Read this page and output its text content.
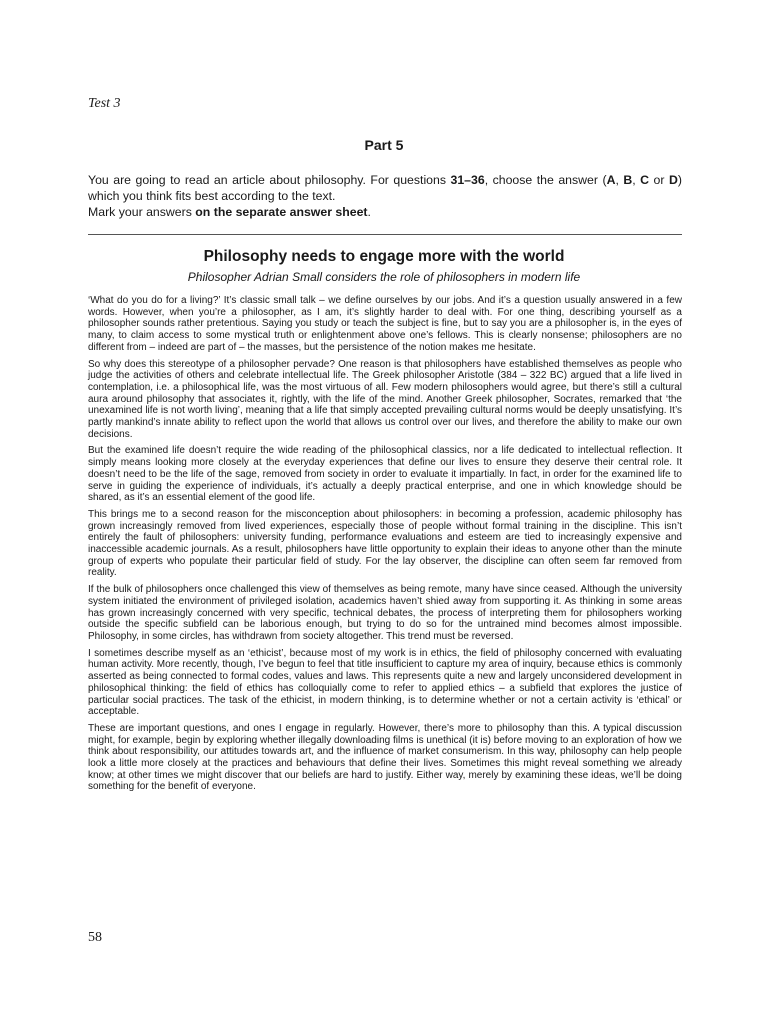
Test 3
Part 5

You are going to read an article about philosophy. For questions 31–36, choose the answer (A, B, C or D) which you think fits best according to the text.

Mark your answers on the separate answer sheet.

Philosophy needs to engage more with the world
Philosopher Adrian Small considers the role of philosophers in modern life

‘What do you do for a living?’ It’s classic small talk – we define ourselves by our jobs. And it’s a question usually answered in a few words. However, when you’re a philosopher, as I am, it’s slightly harder to deal with. For one thing, describing yourself as a philosopher sounds rather pretentious. Saying you study or teach the subject is fine, but to say you are a philosopher is, in the eyes of many, to claim access to some mystical truth or enlightenment above one’s fellows. This is clearly nonsense; philosophers are no different from – indeed are part of – the masses, but the persistence of the notion makes me hesitate.

So why does this stereotype of a philosopher pervade? One reason is that philosophers have established themselves as people who judge the activities of others and celebrate intellectual life. The Greek philosopher Aristotle (384 – 322 BC) argued that a life lived in contemplation, i.e. a philosophical life, was the most virtuous of all. Few modern philosophers would agree, but there’s still a cultural aura around philosophy that associates it, rightly, with the life of the mind. Another Greek philosopher, Socrates, remarked that ‘the unexamined life is not worth living’, meaning that a life that simply accepted prevailing cultural norms would be deeply unsatisfying. It’s partly mankind’s innate ability to reflect upon the world that allows us control over our lives, and therefore the ability to make our own decisions.

But the examined life doesn’t require the wide reading of the philosophical classics, nor a life dedicated to intellectual reflection. It simply means looking more closely at the everyday experiences that define our lives to ensure they deserve their central role. It doesn’t need to be the life of the sage, removed from society in order to evaluate it impartially. In fact, in order for the examined life to serve in guiding the experience of individuals, it’s actually a deeply practical enterprise, and one in which knowledge should be shared, as it’s an essential element of the good life.

This brings me to a second reason for the misconception about philosophers: in becoming a profession, academic philosophy has grown increasingly removed from lived experiences, especially those of people without formal training in the discipline. This isn’t entirely the fault of philosophers: university funding, performance evaluations and esteem are tied to increasingly expensive and inaccessible academic journals. As a result, philosophers have little opportunity to explain their ideas to anyone other than the minute group of experts who populate their particular field of study. For the lay observer, the discipline can often seem far removed from reality.

If the bulk of philosophers once challenged this view of themselves as being remote, many have since ceased. Although the university system initiated the environment of privileged isolation, academics haven’t shied away from supporting it. As thinking in some areas has grown increasingly concerned with very specific, technical debates, the process of interpreting them for philosophers working outside the specific subfield can be laborious enough, but trying to do so for the untrained mind becomes almost impossible. Philosophy, in some circles, has withdrawn from society altogether. This trend must be reversed.

I sometimes describe myself as an ‘ethicist’, because most of my work is in ethics, the field of philosophy concerned with evaluating human activity. More recently, though, I’ve begun to feel that title insufficient to capture my area of inquiry, because ethics is commonly asserted as being connected to formal codes, values and laws. This represents quite a new and largely unconsidered development in philosophical thinking: the field of ethics has colloquially come to refer to applied ethics – a subfield that explores the justice of particular social practices. The task of the ethicist, in modern thinking, is to determine whether or not a certain activity is ‘ethical’ or acceptable.

These are important questions, and ones I engage in regularly. However, there’s more to philosophy than this. A typical discussion might, for example, begin by exploring whether illegally downloading films is unethical (it is) before moving to an exploration of how we think about responsibility, our attitudes towards art, and the influence of market consumerism. In this way, philosophy can help people look a little more closely at the practices and behaviours that define their lives. Sometimes this might reveal something we already know; at other times we might discover that our beliefs are hard to justify. Either way, merely by examining these ideas, we’ll be doing something for the benefit of everyone.

58
